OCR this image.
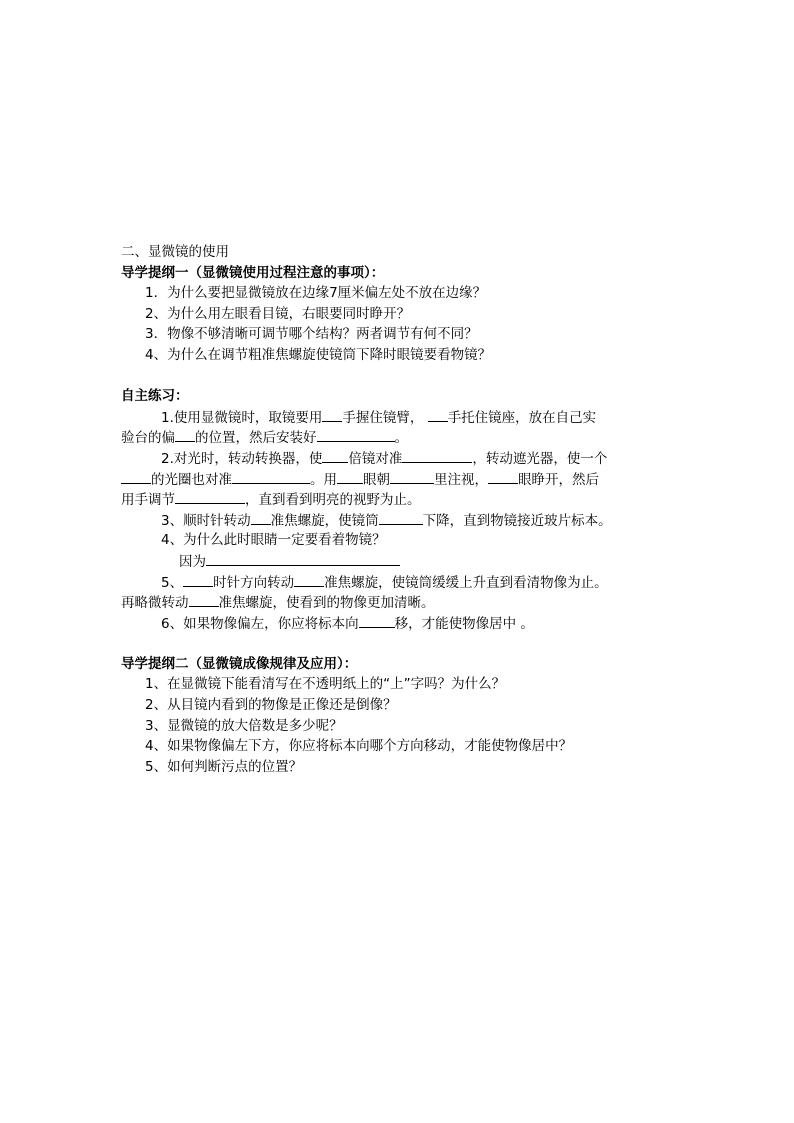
二、显微镜的使用
导学提纲一（显微镜使用过程注意的事项）：
1．为什么要把显微镜放在边缘7厘米偏左处不放在边缘？
2、为什么用左眼看目镜，右眼要同时睁开？
3．物像不够清晰可调节哪个结构？两者调节有何不同？
4、为什么在调节粗准焦螺旋使镜筒下降时眼镜要看物镜？
自主练习：
1.使用显微镜时，取镜要用 手握住镜臂， 手托住镜座，放在自己实
验台的偏 的位置，然后安装好	。
2.对光时，转动转换器，使 倍镜对准	，转动遮光器，使一个
的光圈也对准	。用 眼朝	里注视， 眼睁开，然后
用手调节	，直到看到明亮的视野为止。
3、顺时针转动 准焦螺旋，使镜筒	下降，直到物镜接近玻片标本。
4、为什么此时眼睛一定要看着物镜？
因为
5、 时针方向转动 准焦螺旋，使镜筒缓缓上升直到看清物像为止。
再略微转动 准焦螺旋，使看到的物像更加清晰。
6、如果物像偏左，你应将标本向	移，才能使物像居中 。
导学提纲二（显微镜成像规律及应用）：
1、在显微镜下能看清写在不透明纸上的“上”字吗？为什么？
2、从目镜内看到的物像是正像还是倒像？
3、显微镜的放大倍数是多少呢？
4、如果物像偏左下方，你应将标本向哪个方向移动，才能使物像居中？
5、如何判断污点的位置？
